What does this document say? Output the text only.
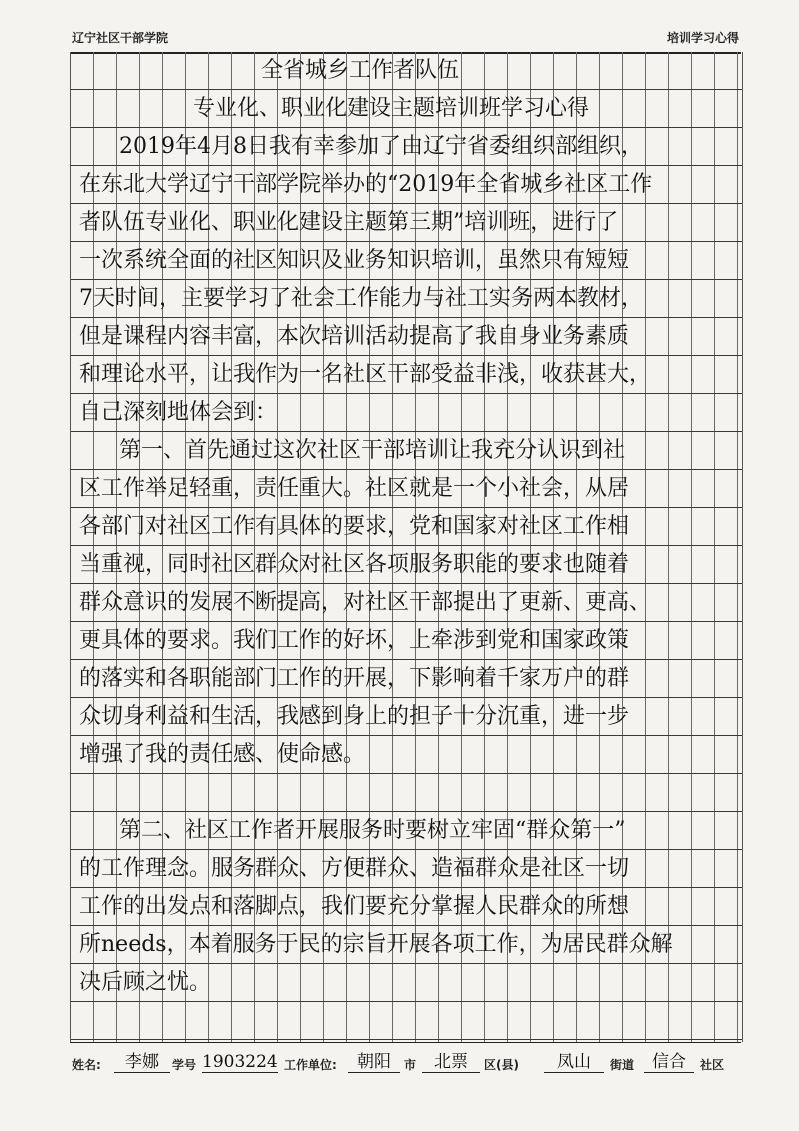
辽宁社区干部学院	培训学习心得
全省城乡工作者队伍
专业化、职业化建设主题培训班学习心得
2019年4月8日我有幸参加了由辽宁省委组织部组织，
在东北大学辽宁干部学院举办的“2019年全省城乡社区工作
者队伍专业化、职业化建设主题第三期”培训班，进行了
一次系统全面的社区知识及业务知识培训，虽然只有短短
7天时间，主要学习了社会工作能力与社工实务两本教材，
但是课程内容丰富，本次培训活动提高了我自身业务素质
和理论水平，让我作为一名社区干部受益非浅，收获甚大，
自己深刻地体会到：
第一、首先通过这次社区干部培训让我充分认识到社
区工作举足轻重，责任重大。社区就是一个小社会，从居
各部门对社区工作有具体的要求，党和国家对社区工作相
当重视，同时社区群众对社区各项服务职能的要求也随着
群众意识的发展不断提高，对社区干部提出了更新、更高、
更具体的要求。我们工作的好坏，上牵涉到党和国家政策
的落实和各职能部门工作的开展，下影响着千家万户的群
众切身利益和生活，我感到身上的担子十分沉重，进一步
增强了我的责任感、使命感。
第二、社区工作者开展服务时要树立牢固“群众第一”
的工作理念。服务群众、方便群众、造福群众是社区一切
工作的出发点和落脚点，我们要充分掌握人民群众的所想
所needs，本着服务于民的宗旨开展各项工作，为居民群众解
决后顾之忧。
姓名:	李娜	学号 1903224 工作单位:	朝阳	市	北票	区(县)	凤山	街道	信合	社区
